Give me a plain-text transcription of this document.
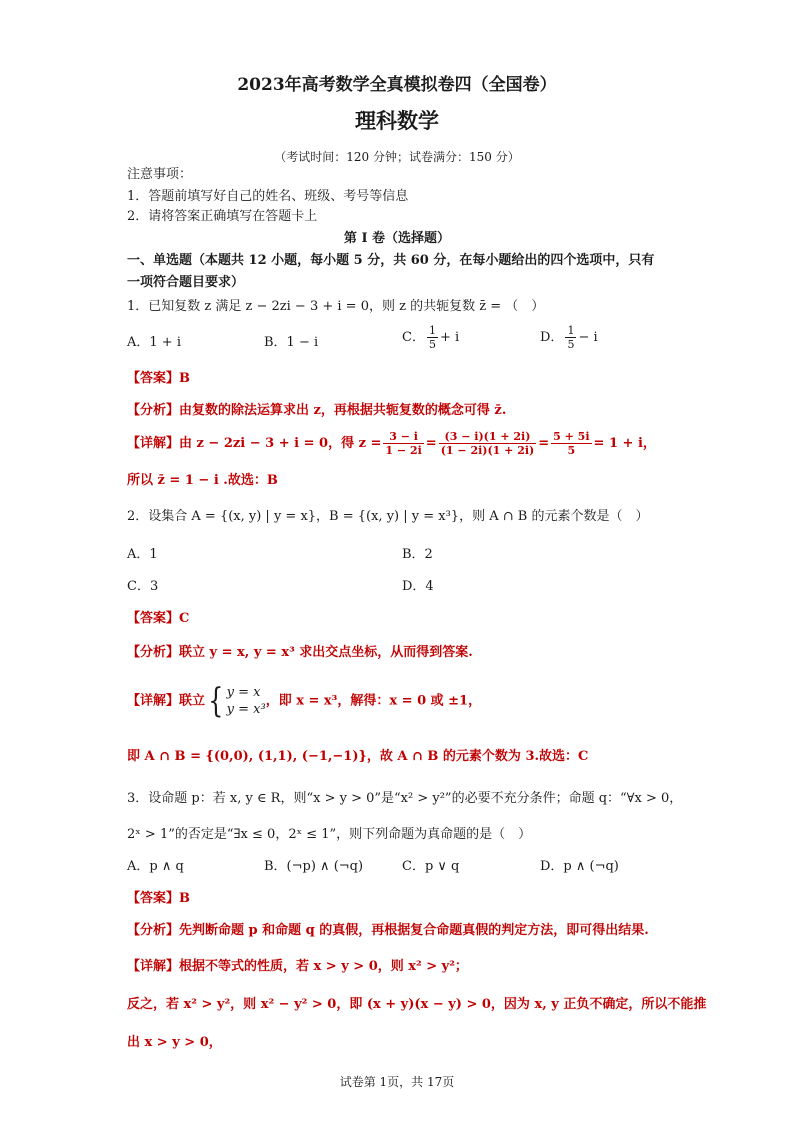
2023年高考数学全真模拟卷四（全国卷）
理科数学
（考试时间：120 分钟；试卷满分：150 分）
注意事项：
1．答题前填写好自己的姓名、班级、考号等信息
2．请将答案正确填写在答题卡上
第 I 卷（选择题）
一、单选题（本题共 12 小题，每小题 5 分，共 60 分，在每小题给出的四个选项中，只有
一项符合题目要求）
1．已知复数 z 满足 z − 2zi − 3 + i = 0，则 z 的共轭复数 z̄ = （　）
A．1 + i	B．1 − i	C． $\frac{1}{5} + i$	D． $\frac{1}{5} - i$
【答案】B
【分析】由复数的除法运算求出 z，再根据共轭复数的概念可得 z̄.
【详解】由 z − 2zi − 3 + i = 0，得 $z = \frac{3 - i}{1 - 2i} = \frac{(3 - i)(1 + 2i)}{(1 - 2i)(1 + 2i)} = \frac{5 + 5i}{5} = 1 + i$，
所以 z̄ = 1 − i .故选：B
2．设集合 A = {(x, y) | y = x}，B = {(x, y) | y = x³}，则 A ∩ B 的元素个数是（　）
A．1	B．2
C．3	D．4
【答案】C
【分析】联立 y = x, y = x³ 求出交点坐标，从而得到答案.
【详解】联立{ y = x
y = x³
，即 x = x³，解得：x = 0 或 ±1，
即 A ∩ B = {(0,0), (1,1), (−1,−1)}，故 A ∩ B 的元素个数为 3.故选：C
3．设命题 p：若 x, y ∈ R，则“x > y > 0”是“x² > y²”的必要不充分条件；命题 q：“∀x > 0，
2ˣ > 1”的否定是“∃x ≤ 0，2ˣ ≤ 1”，则下列命题为真命题的是（　）
A．p ∧ q	B．(¬p) ∧ (¬q)	C．p ∨ q	D．p ∧ (¬q)
【答案】B
【分析】先判断命题 p 和命题 q 的真假，再根据复合命题真假的判定方法，即可得出结果.
【详解】根据不等式的性质，若 x > y > 0，则 x² > y²；
反之，若 x² > y²，则 x² − y² > 0，即 (x + y)(x − y) > 0，因为 x, y 正负不确定，所以不能推
出 x > y > 0，
试卷第 1页，共 17页
